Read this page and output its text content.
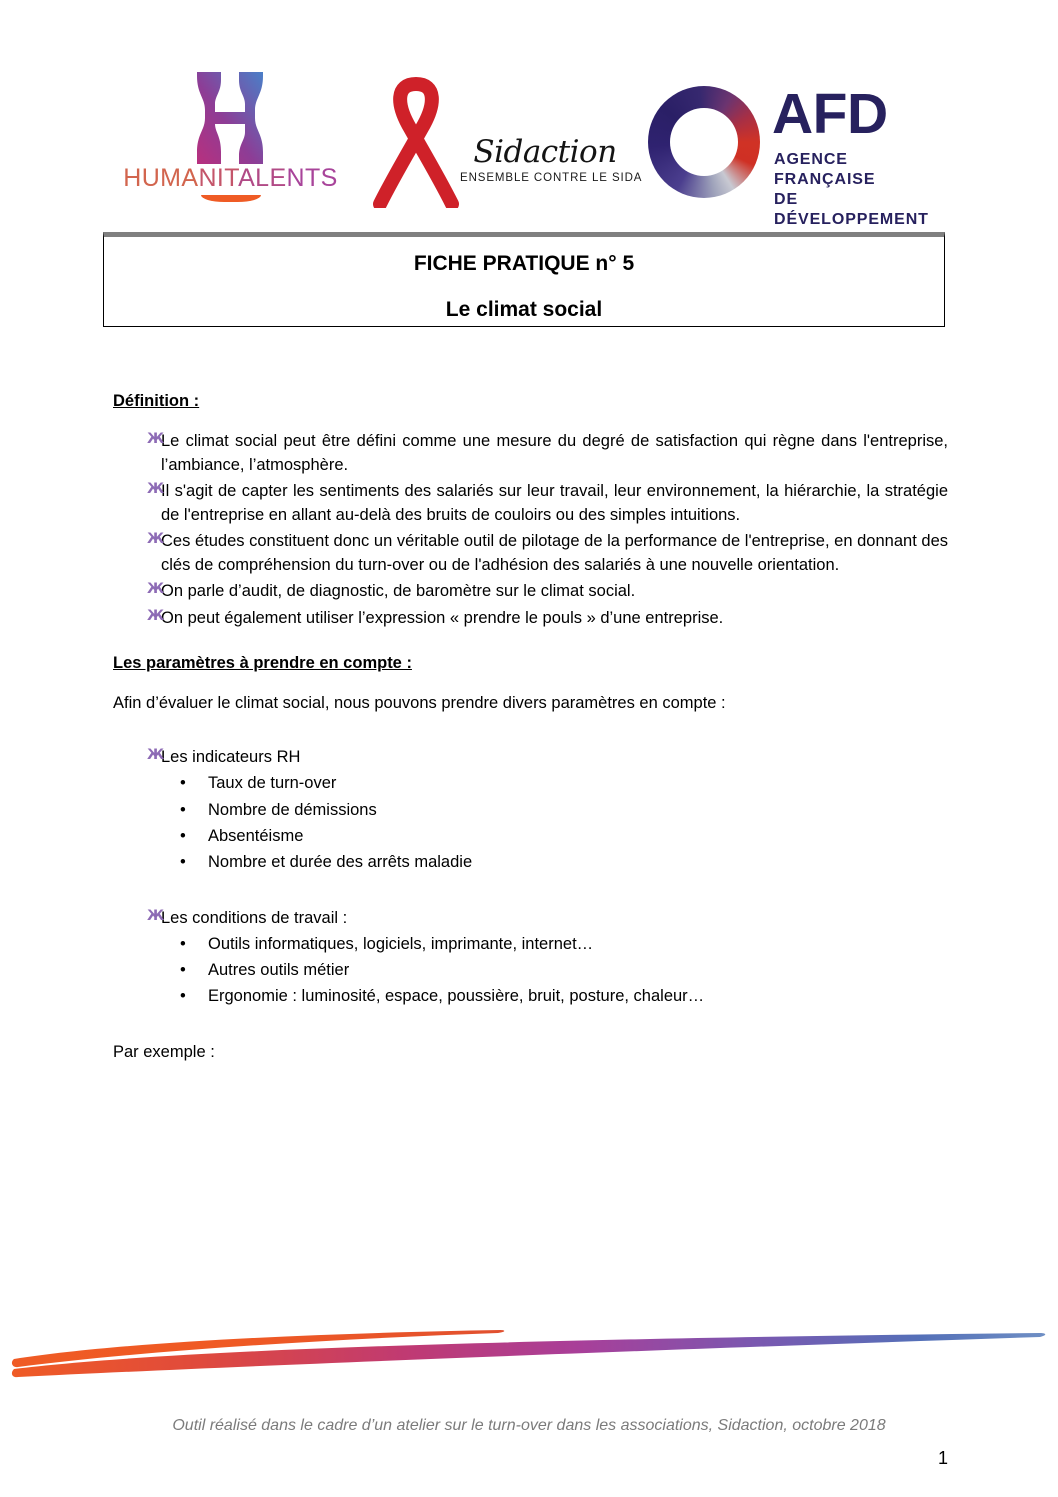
HUMANITALENTS
Sidaction
ENSEMBLE CONTRE LE SIDA
AFD
AGENCE FRANÇAISE
DE DÉVELOPPEMENT
FICHE PRATIQUE n° 5
Le climat social
Définition :
Ж
Le climat social peut être défini comme une mesure du degré de satisfaction qui règne dans l'entreprise, l’ambiance, l’atmosphère.
Ж
Il s'agit de capter les sentiments des salariés sur leur travail, leur environnement, la hiérarchie, la stratégie de l'entreprise en allant au-delà des bruits de couloirs ou des simples intuitions.
Ж
Ces études constituent donc un véritable outil de pilotage de la performance de l'entreprise, en donnant des clés de compréhension du turn-over ou de l'adhésion des salariés à une nouvelle orientation.
Ж
On parle d’audit, de diagnostic, de baromètre sur le climat social.
Ж
On peut également utiliser l’expression « prendre le pouls » d’une entreprise.
Les paramètres à prendre en compte :

Afin d’évaluer le climat social, nous pouvons prendre divers paramètres en compte :

Ж
Les indicateurs RH
• Taux de turn-over
• Nombre de démissions
• Absentéisme
• Nombre et durée des arrêts maladie
Ж
Les conditions de travail :
• Outils informatiques, logiciels, imprimante, internet…
• Autres outils métier
• Ergonomie : luminosité, espace, poussière, bruit, posture, chaleur…

Par exemple :

Outil réalisé dans le cadre d’un atelier sur le turn-over dans les associations, Sidaction, octobre 2018
1
